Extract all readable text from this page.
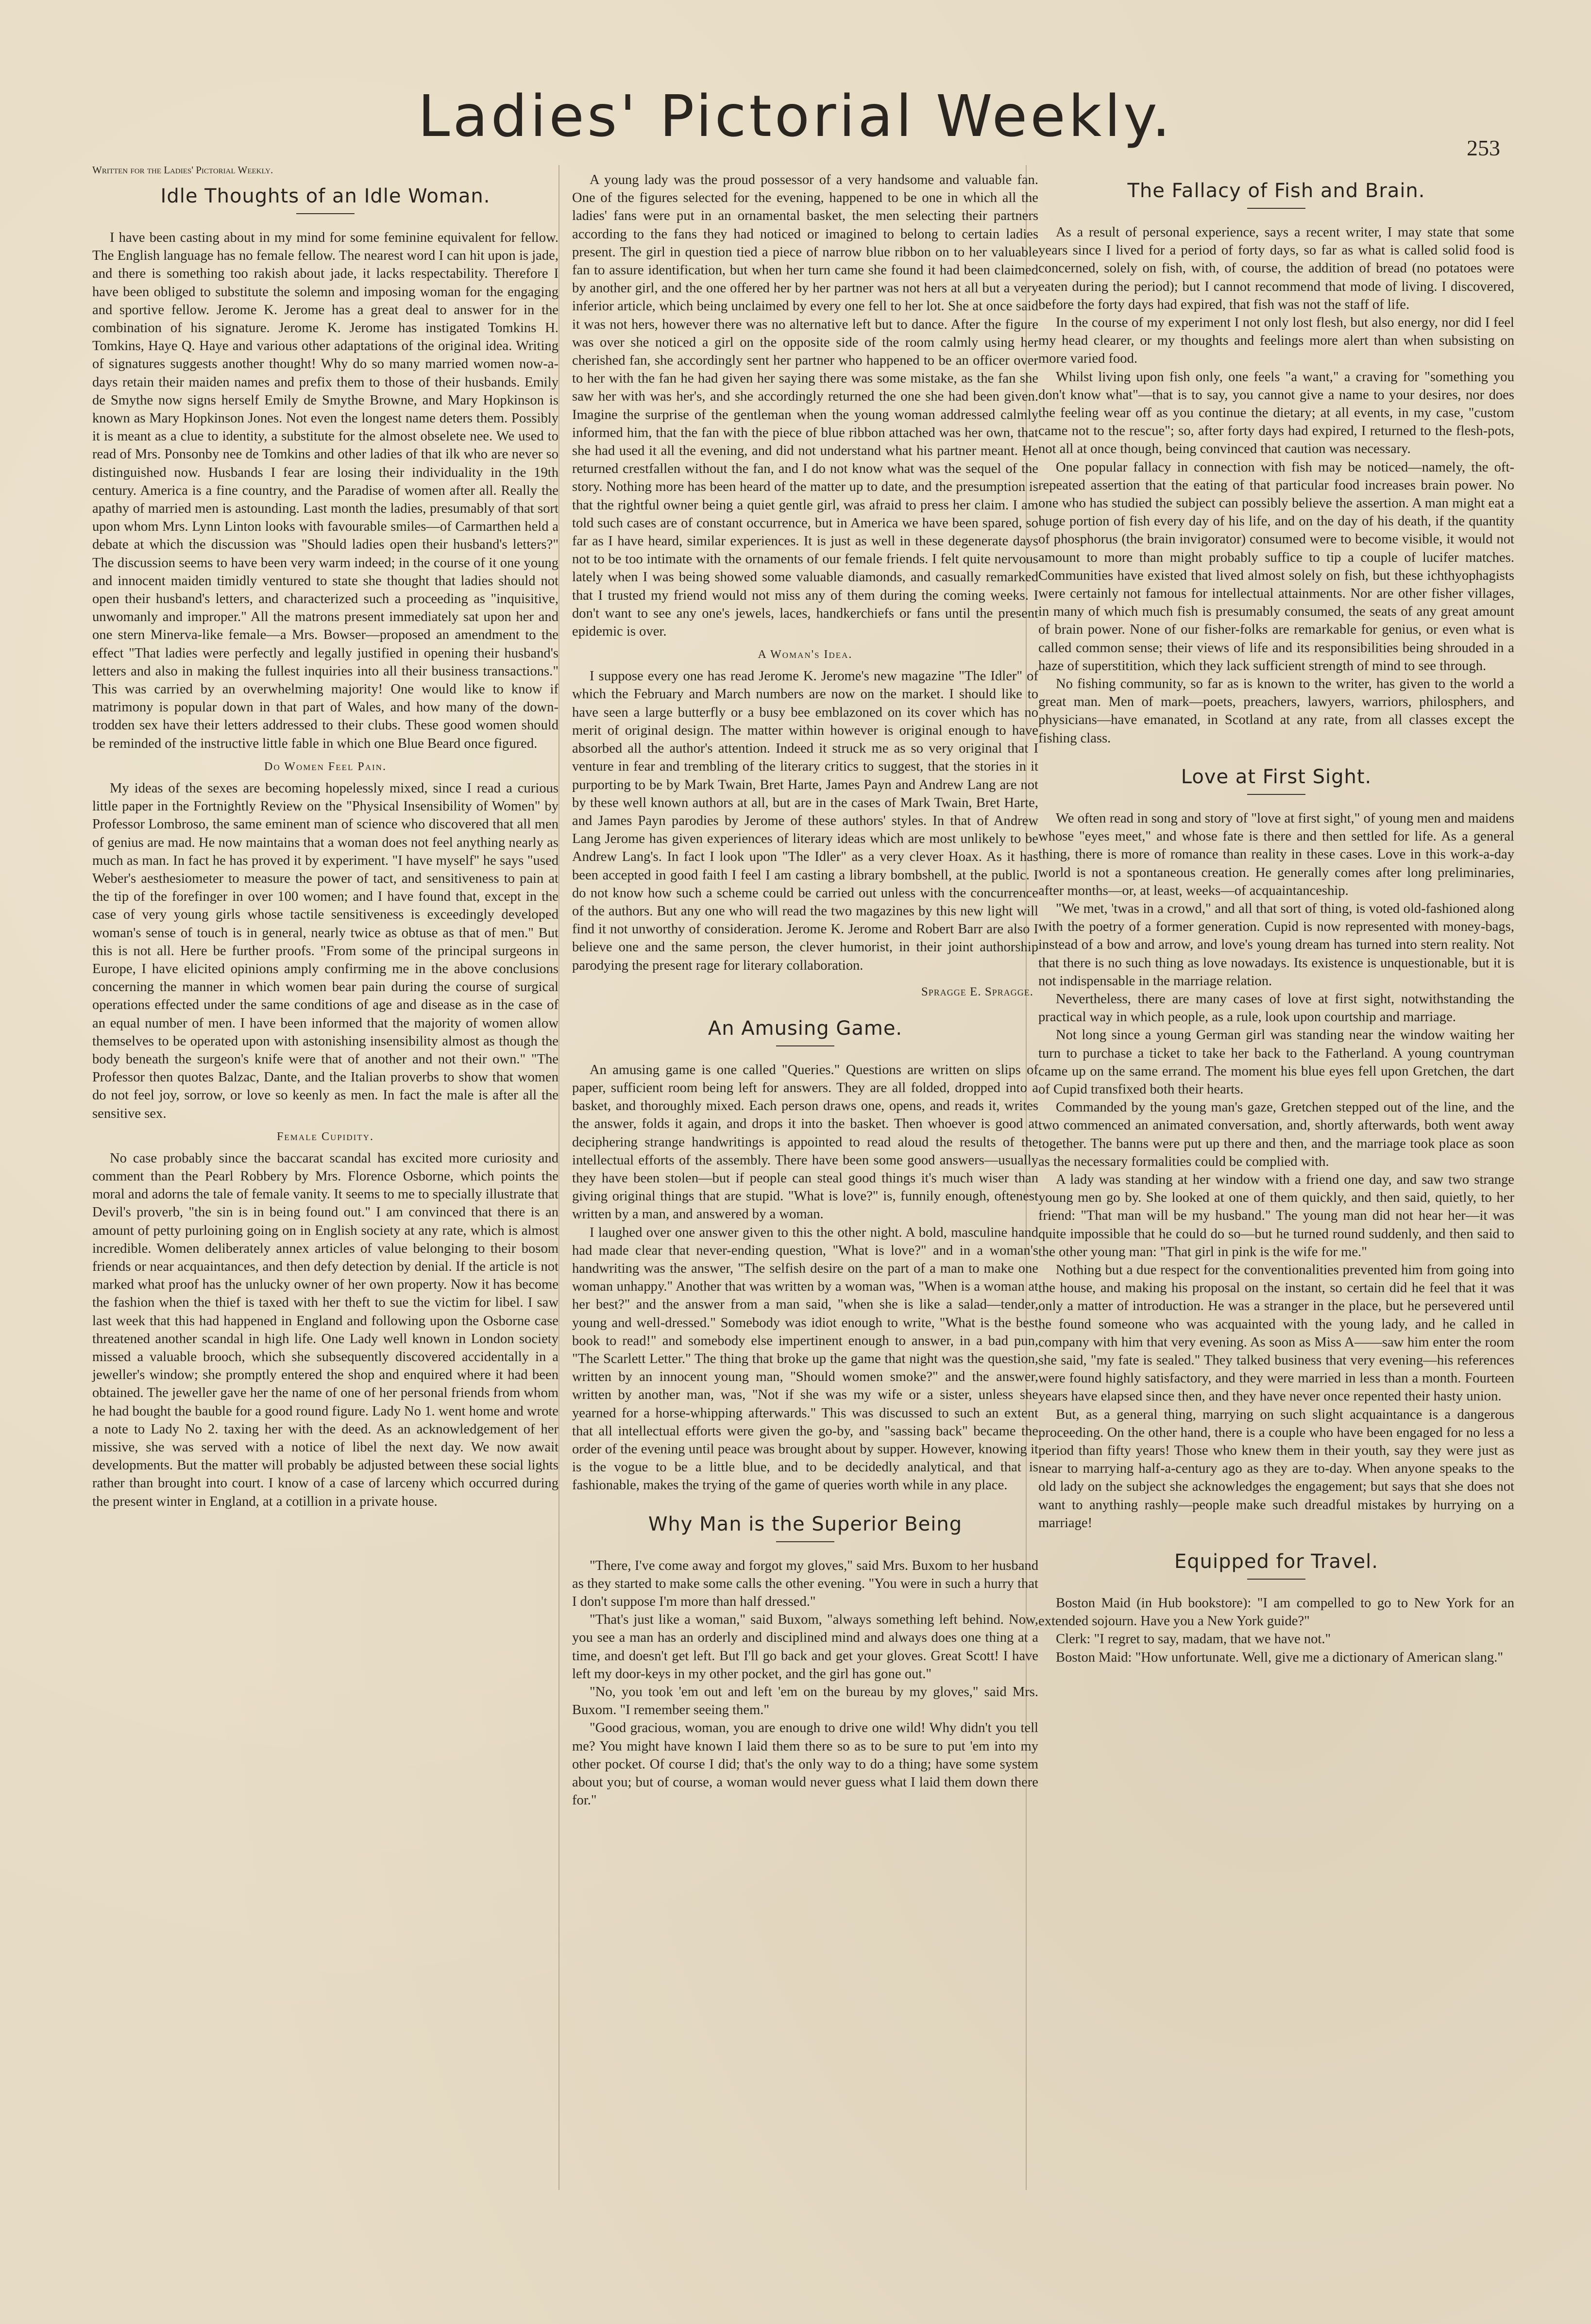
Ladies' Pictorial Weekly.	253
Written for the Ladies' Pictorial Weekly.
Idle Thoughts of an Idle Woman.

I have been casting about in my mind for some feminine equivalent for fellow. The English language has no female fellow. The nearest word I can hit upon is jade, and there is something too rakish about jade, it lacks respectability. Therefore I have been obliged to substitute the solemn and imposing woman for the engaging and sportive fellow. Jerome K. Jerome has a great deal to answer for in the combination of his signature. Jerome K. Jerome has instigated Tomkins H. Tomkins, Haye Q. Haye and various other adaptations of the original idea. Writing of signatures suggests another thought! Why do so many married women now-a-days retain their maiden names and prefix them to those of their husbands. Emily de Smythe now signs herself Emily de Smythe Browne, and Mary Hopkinson is known as Mary Hopkinson Jones. Not even the longest name deters them. Possibly it is meant as a clue to identity, a substitute for the almost obselete nee. We used to read of Mrs. Ponsonby nee de Tomkins and other ladies of that ilk who are never so distinguished now. Husbands I fear are losing their individuality in the 19th century. America is a fine country, and the Paradise of women after all. Really the apathy of married men is astounding. Last month the ladies, presumably of that sort upon whom Mrs. Lynn Linton looks with favourable smiles—of Carmarthen held a debate at which the discussion was "Should ladies open their husband's letters?" The discussion seems to have been very warm indeed; in the course of it one young and innocent maiden timidly ventured to state she thought that ladies should not open their husband's letters, and characterized such a proceeding as "inquisitive, unwomanly and improper." All the matrons present immediately sat upon her and one stern Minerva-like female—a Mrs. Bowser—proposed an amendment to the effect "That ladies were perfectly and legally justified in opening their husband's letters and also in making the fullest inquiries into all their business transactions." This was carried by an overwhelming majority! One would like to know if matrimony is popular down in that part of Wales, and how many of the down-trodden sex have their letters addressed to their clubs. These good women should be reminded of the instructive little fable in which one Blue Beard once figured.

Do Women Feel Pain.

My ideas of the sexes are becoming hopelessly mixed, since I read a curious little paper in the Fortnightly Review on the "Physical Insensibility of Women" by Professor Lombroso, the same eminent man of science who discovered that all men of genius are mad. He now maintains that a woman does not feel anything nearly as much as man. In fact he has proved it by experiment. "I have myself" he says "used Weber's aesthesiometer to measure the power of tact, and sensitiveness to pain at the tip of the forefinger in over 100 women; and I have found that, except in the case of very young girls whose tactile sensitiveness is exceedingly developed woman's sense of touch is in general, nearly twice as obtuse as that of men." But this is not all. Here be further proofs. "From some of the principal surgeons in Europe, I have elicited opinions amply confirming me in the above conclusions concerning the manner in which women bear pain during the course of surgical operations effected under the same conditions of age and disease as in the case of an equal number of men. I have been informed that the majority of women allow themselves to be operated upon with astonishing insensibility almost as though the body beneath the surgeon's knife were that of another and not their own." "The Professor then quotes Balzac, Dante, and the Italian proverbs to show that women do not feel joy, sorrow, or love so keenly as men. In fact the male is after all the sensitive sex.

Female Cupidity.

No case probably since the baccarat scandal has excited more curiosity and comment than the Pearl Robbery by Mrs. Florence Osborne, which points the moral and adorns the tale of female vanity. It seems to me to specially illustrate that Devil's proverb, "the sin is in being found out." I am convinced that there is an amount of petty purloining going on in English society at any rate, which is almost incredible. Women deliberately annex articles of value belonging to their bosom friends or near acquaintances, and then defy detection by denial. If the article is not marked what proof has the unlucky owner of her own property. Now it has become the fashion when the thief is taxed with her theft to sue the victim for libel. I saw last week that this had happened in England and following upon the Osborne case threatened another scandal in high life. One Lady well known in London society missed a valuable brooch, which she subsequently discovered accidentally in a jeweller's window; she promptly entered the shop and enquired where it had been obtained. The jeweller gave her the name of one of her personal friends from whom he had bought the bauble for a good round figure. Lady No 1. went home and wrote a note to Lady No 2. taxing her with the deed. As an acknowledgement of her missive, she was served with a notice of libel the next day. We now await developments. But the matter will probably be adjusted between these social lights rather than brought into court. I know of a case of larceny which occurred during the present winter in England, at a cotillion in a private house.

A young lady was the proud possessor of a very handsome and valuable fan. One of the figures selected for the evening, happened to be one in which all the ladies' fans were put in an ornamental basket, the men selecting their partners according to the fans they had noticed or imagined to belong to certain ladies present. The girl in question tied a piece of narrow blue ribbon on to her valuable fan to assure identification, but when her turn came she found it had been claimed by another girl, and the one offered her by her partner was not hers at all but a very inferior article, which being unclaimed by every one fell to her lot. She at once said it was not hers, however there was no alternative left but to dance. After the figure was over she noticed a girl on the opposite side of the room calmly using her cherished fan, she accordingly sent her partner who happened to be an officer over to her with the fan he had given her saying there was some mistake, as the fan she saw her with was her's, and she accordingly returned the one she had been given. Imagine the surprise of the gentleman when the young woman addressed calmly informed him, that the fan with the piece of blue ribbon attached was her own, that she had used it all the evening, and did not understand what his partner meant. He returned crestfallen without the fan, and I do not know what was the sequel of the story. Nothing more has been heard of the matter up to date, and the presumption is that the rightful owner being a quiet gentle girl, was afraid to press her claim. I am told such cases are of constant occurrence, but in America we have been spared, so far as I have heard, similar experiences. It is just as well in these degenerate days not to be too intimate with the ornaments of our female friends. I felt quite nervous lately when I was being showed some valuable diamonds, and casually remarked that I trusted my friend would not miss any of them during the coming weeks. I don't want to see any one's jewels, laces, handkerchiefs or fans until the present epidemic is over.

A Woman's Idea.

I suppose every one has read Jerome K. Jerome's new magazine "The Idler" of which the February and March numbers are now on the market. I should like to have seen a large butterfly or a busy bee emblazoned on its cover which has no merit of original design. The matter within however is original enough to have absorbed all the author's attention. Indeed it struck me as so very original that I venture in fear and trembling of the literary critics to suggest, that the stories in it purporting to be by Mark Twain, Bret Harte, James Payn and Andrew Lang are not by these well known authors at all, but are in the cases of Mark Twain, Bret Harte, and James Payn parodies by Jerome of these authors' styles. In that of Andrew Lang Jerome has given experiences of literary ideas which are most unlikely to be Andrew Lang's. In fact I look upon "The Idler" as a very clever Hoax. As it has been accepted in good faith I feel I am casting a library bombshell, at the public. I do not know how such a scheme could be carried out unless with the concurrence of the authors. But any one who will read the two magazines by this new light will find it not unworthy of consideration. Jerome K. Jerome and Robert Barr are also I believe one and the same person, the clever humorist, in their joint authorship parodying the present rage for literary collaboration.

Spragge E. Spragge.

An Amusing Game.

An amusing game is one called "Queries." Questions are written on slips of paper, sufficient room being left for answers. They are all folded, dropped into a basket, and thoroughly mixed. Each person draws one, opens, and reads it, writes the answer, folds it again, and drops it into the basket. Then whoever is good at deciphering strange handwritings is appointed to read aloud the results of the intellectual efforts of the assembly. There have been some good answers—usually they have been stolen—but if people can steal good things it's much wiser than giving original things that are stupid. "What is love?" is, funnily enough, oftenest written by a man, and answered by a woman.

I laughed over one answer given to this the other night. A bold, masculine hand had made clear that never-ending question, "What is love?" and in a woman's handwriting was the answer, "The selfish desire on the part of a man to make one woman unhappy." Another that was written by a woman was, "When is a woman at her best?" and the answer from a man said, "when she is like a salad—tender, young and well-dressed." Somebody was idiot enough to write, "What is the best book to read!" and somebody else impertinent enough to answer, in a bad pun, "The Scarlett Letter." The thing that broke up the game that night was the question, written by an innocent young man, "Should women smoke?" and the answer, written by another man, was, "Not if she was my wife or a sister, unless she yearned for a horse-whipping afterwards." This was discussed to such an extent that all intellectual efforts were given the go-by, and "sassing back" became the order of the evening until peace was brought about by supper. However, knowing it is the vogue to be a little blue, and to be decidedly analytical, and that is fashionable, makes the trying of the game of queries worth while in any place.

Why Man is the Superior Being

"There, I've come away and forgot my gloves," said Mrs. Buxom to her husband as they started to make some calls the other evening. "You were in such a hurry that I don't suppose I'm more than half dressed."

"That's just like a woman," said Buxom, "always something left behind. Now, you see a man has an orderly and disciplined mind and always does one thing at a time, and doesn't get left. But I'll go back and get your gloves. Great Scott! I have left my door-keys in my other pocket, and the girl has gone out."

"No, you took 'em out and left 'em on the bureau by my gloves," said Mrs. Buxom. "I remember seeing them."

"Good gracious, woman, you are enough to drive one wild! Why didn't you tell me? You might have known I laid them there so as to be sure to put 'em into my other pocket. Of course I did; that's the only way to do a thing; have some system about you; but of course, a woman would never guess what I laid them down there for."

The Fallacy of Fish and Brain.

As a result of personal experience, says a recent writer, I may state that some years since I lived for a period of forty days, so far as what is called solid food is concerned, solely on fish, with, of course, the addition of bread (no potatoes were eaten during the period); but I cannot recommend that mode of living. I discovered, before the forty days had expired, that fish was not the staff of life.

In the course of my experiment I not only lost flesh, but also energy, nor did I feel my head clearer, or my thoughts and feelings more alert than when subsisting on more varied food.

Whilst living upon fish only, one feels "a want," a craving for "something you don't know what"—that is to say, you cannot give a name to your desires, nor does the feeling wear off as you continue the dietary; at all events, in my case, "custom came not to the rescue"; so, after forty days had expired, I returned to the flesh-pots, not all at once though, being convinced that caution was necessary.

One popular fallacy in connection with fish may be noticed—namely, the oft-repeated assertion that the eating of that particular food increases brain power. No one who has studied the subject can possibly believe the assertion. A man might eat a huge portion of fish every day of his life, and on the day of his death, if the quantity of phosphorus (the brain invigorator) consumed were to become visible, it would not amount to more than might probably suffice to tip a couple of lucifer matches. Communities have existed that lived almost solely on fish, but these ichthyophagists were certainly not famous for intellectual attainments. Nor are other fisher villages, in many of which much fish is presumably consumed, the seats of any great amount of brain power. None of our fisher-folks are remarkable for genius, or even what is called common sense; their views of life and its responsibilities being shrouded in a haze of superstitition, which they lack sufficient strength of mind to see through.

No fishing community, so far as is known to the writer, has given to the world a great man. Men of mark—poets, preachers, lawyers, warriors, philosphers, and physicians—have emanated, in Scotland at any rate, from all classes except the fishing class.

Love at First Sight.

We often read in song and story of "love at first sight," of young men and maidens whose "eyes meet," and whose fate is there and then settled for life. As a general thing, there is more of romance than reality in these cases. Love in this work-a-day world is not a spontaneous creation. He generally comes after long preliminaries, after months—or, at least, weeks—of acquaintanceship.

"We met, 'twas in a crowd," and all that sort of thing, is voted old-fashioned along with the poetry of a former generation. Cupid is now represented with money-bags, instead of a bow and arrow, and love's young dream has turned into stern reality. Not that there is no such thing as love nowadays. Its existence is unquestionable, but it is not indispensable in the marriage relation.

Nevertheless, there are many cases of love at first sight, notwithstanding the practical way in which people, as a rule, look upon courtship and marriage.

Not long since a young German girl was standing near the window waiting her turn to purchase a ticket to take her back to the Fatherland. A young countryman came up on the same errand. The moment his blue eyes fell upon Gretchen, the dart of Cupid transfixed both their hearts.

Commanded by the young man's gaze, Gretchen stepped out of the line, and the two commenced an animated conversation, and, shortly afterwards, both went away together. The banns were put up there and then, and the marriage took place as soon as the necessary formalities could be complied with.

A lady was standing at her window with a friend one day, and saw two strange young men go by. She looked at one of them quickly, and then said, quietly, to her friend: "That man will be my husband." The young man did not hear her—it was quite impossible that he could do so—but he turned round suddenly, and then said to the other young man: "That girl in pink is the wife for me."

Nothing but a due respect for the conventionalities prevented him from going into the house, and making his proposal on the instant, so certain did he feel that it was only a matter of introduction. He was a stranger in the place, but he persevered until he found someone who was acquainted with the young lady, and he called in company with him that very evening. As soon as Miss A——saw him enter the room she said, "my fate is sealed." They talked business that very evening—his references were found highly satisfactory, and they were married in less than a month. Fourteen years have elapsed since then, and they have never once repented their hasty union.

But, as a general thing, marrying on such slight acquaintance is a dangerous proceeding. On the other hand, there is a couple who have been engaged for no less a period than fifty years! Those who knew them in their youth, say they were just as near to marrying half-a-century ago as they are to-day. When anyone speaks to the old lady on the subject she acknowledges the engagement; but says that she does not want to anything rashly—people make such dreadful mistakes by hurrying on a marriage!

Equipped for Travel.

Boston Maid (in Hub bookstore): "I am compelled to go to New York for an extended sojourn. Have you a New York guide?"

Clerk: "I regret to say, madam, that we have not."

Boston Maid: "How unfortunate. Well, give me a dictionary of American slang."
